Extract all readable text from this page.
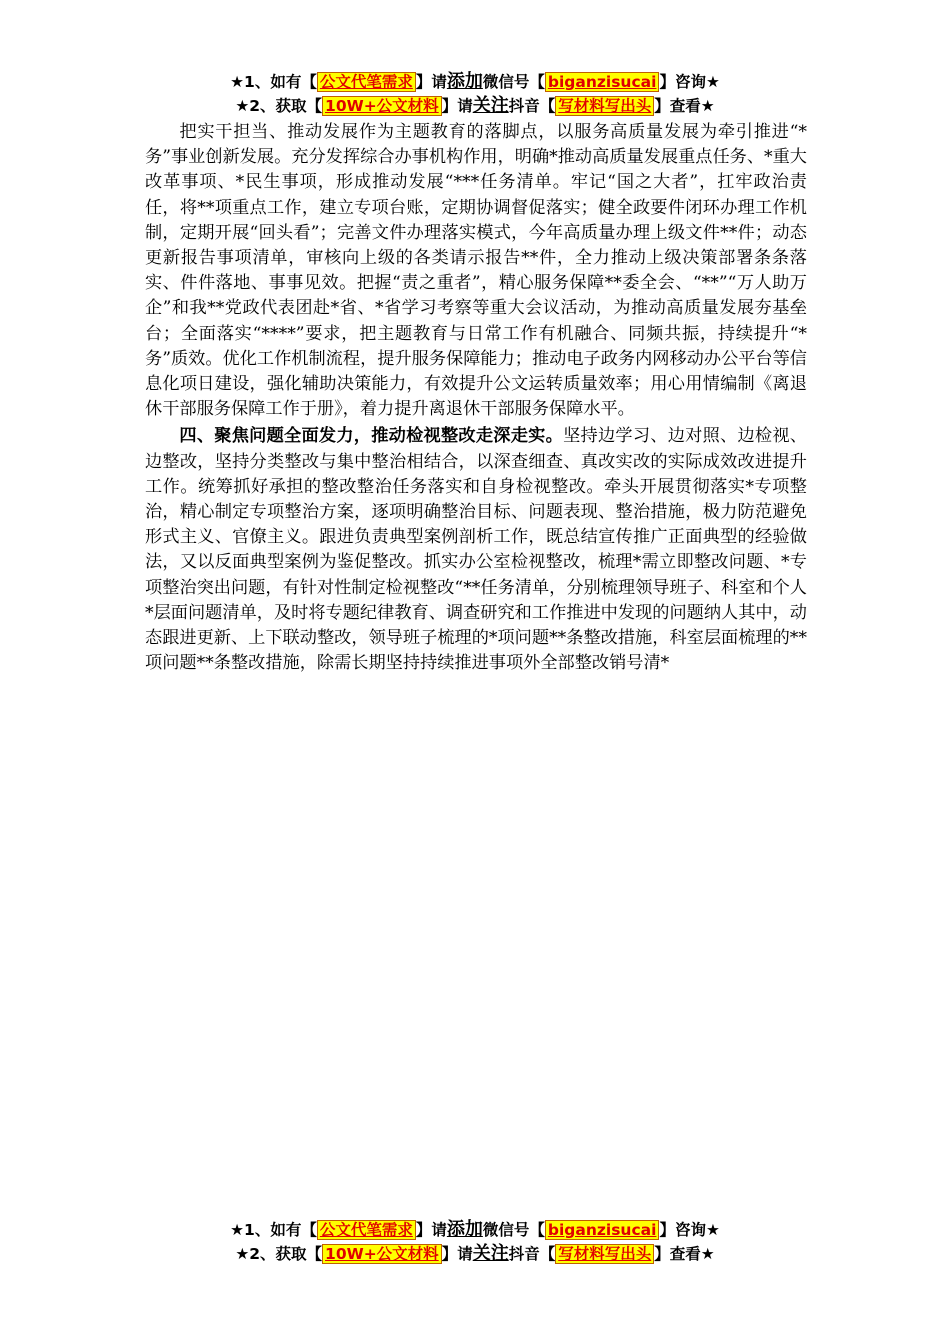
★1、如有【 公文代笔需求 】请添加微信号【 biganzisucai 】咨询★
★2、获取【 10W+公文材料 】请关注抖音【 写材料写出头 】查看★

把实干担当、推动发展作为主题教育的落脚点，以服务高质量发展为牵引推进“*务”事业创新发展。充分发挥综合办事机构作用，明确*推动高质量发展重点任务、*重大改革事项、*民生事项，形成推动发展“***任务清单。牢记“国之大者”，扛牢政治责任，将**项重点工作，建立专项台账，定期协调督促落实；健全政要件闭环办理工作机制，定期开展“回头看”；完善文件办理落实模式，今年高质量办理上级文件**件；动态更新报告事项清单，审核向上级的各类请示报告**件，全力推动上级决策部署条条落实、件件落地、事事见效。把握“责之重者”，精心服务保障**委全会、“**”“万人助万企”和我**党政代表团赴*省、*省学习考察等重大会议活动，为推动高质量发展夯基垒台；全面落实“****”要求，把主题教育与日常工作有机融合、同频共振，持续提升“*务”质效。优化工作机制流程，提升服务保障能力；推动电子政务内网移动办公平台等信息化项日建设，强化辅助决策能力，有效提升公文运转质量效率；用心用情编制《离退休干部服务保障工作于册》，着力提升离退休干部服务保障水平。

四、聚焦问题全面发力，推动检视整改走深走实。坚持边学习、边对照、边检视、边整改，坚持分类整改与集中整治相结合，以深查细查、真改实改的实际成效改进提升工作。统筹抓好承担的整改整治任务落实和自身检视整改。牵头开展贯彻落实*专项整治，精心制定专项整治方案，逐项明确整治目标、问题表现、整治措施，极力防范避免形式主义、官僚主义。跟进负责典型案例剖析工作，既总结宣传推广正面典型的经验做法，又以反面典型案例为鉴促整改。抓实办公室检视整改，梳理*需立即整改问题、*专项整治突出问题，有针对性制定检视整改“**任务清单，分别梳理领导班子、科室和个人*层面问题清单，及时将专题纪律教育、调查研究和工作推进中发现的问题纳人其中，动态跟进更新、上下联动整改，领导班子梳理的*项问题**条整改措施，科室层面梳理的**项问题**条整改措施，除需长期坚持持续推进事项外全部整改销号清*

★1、如有【 公文代笔需求 】请添加微信号【 biganzisucai 】咨询★
★2、获取【 10W+公文材料 】请关注抖音【 写材料写出头 】查看★
